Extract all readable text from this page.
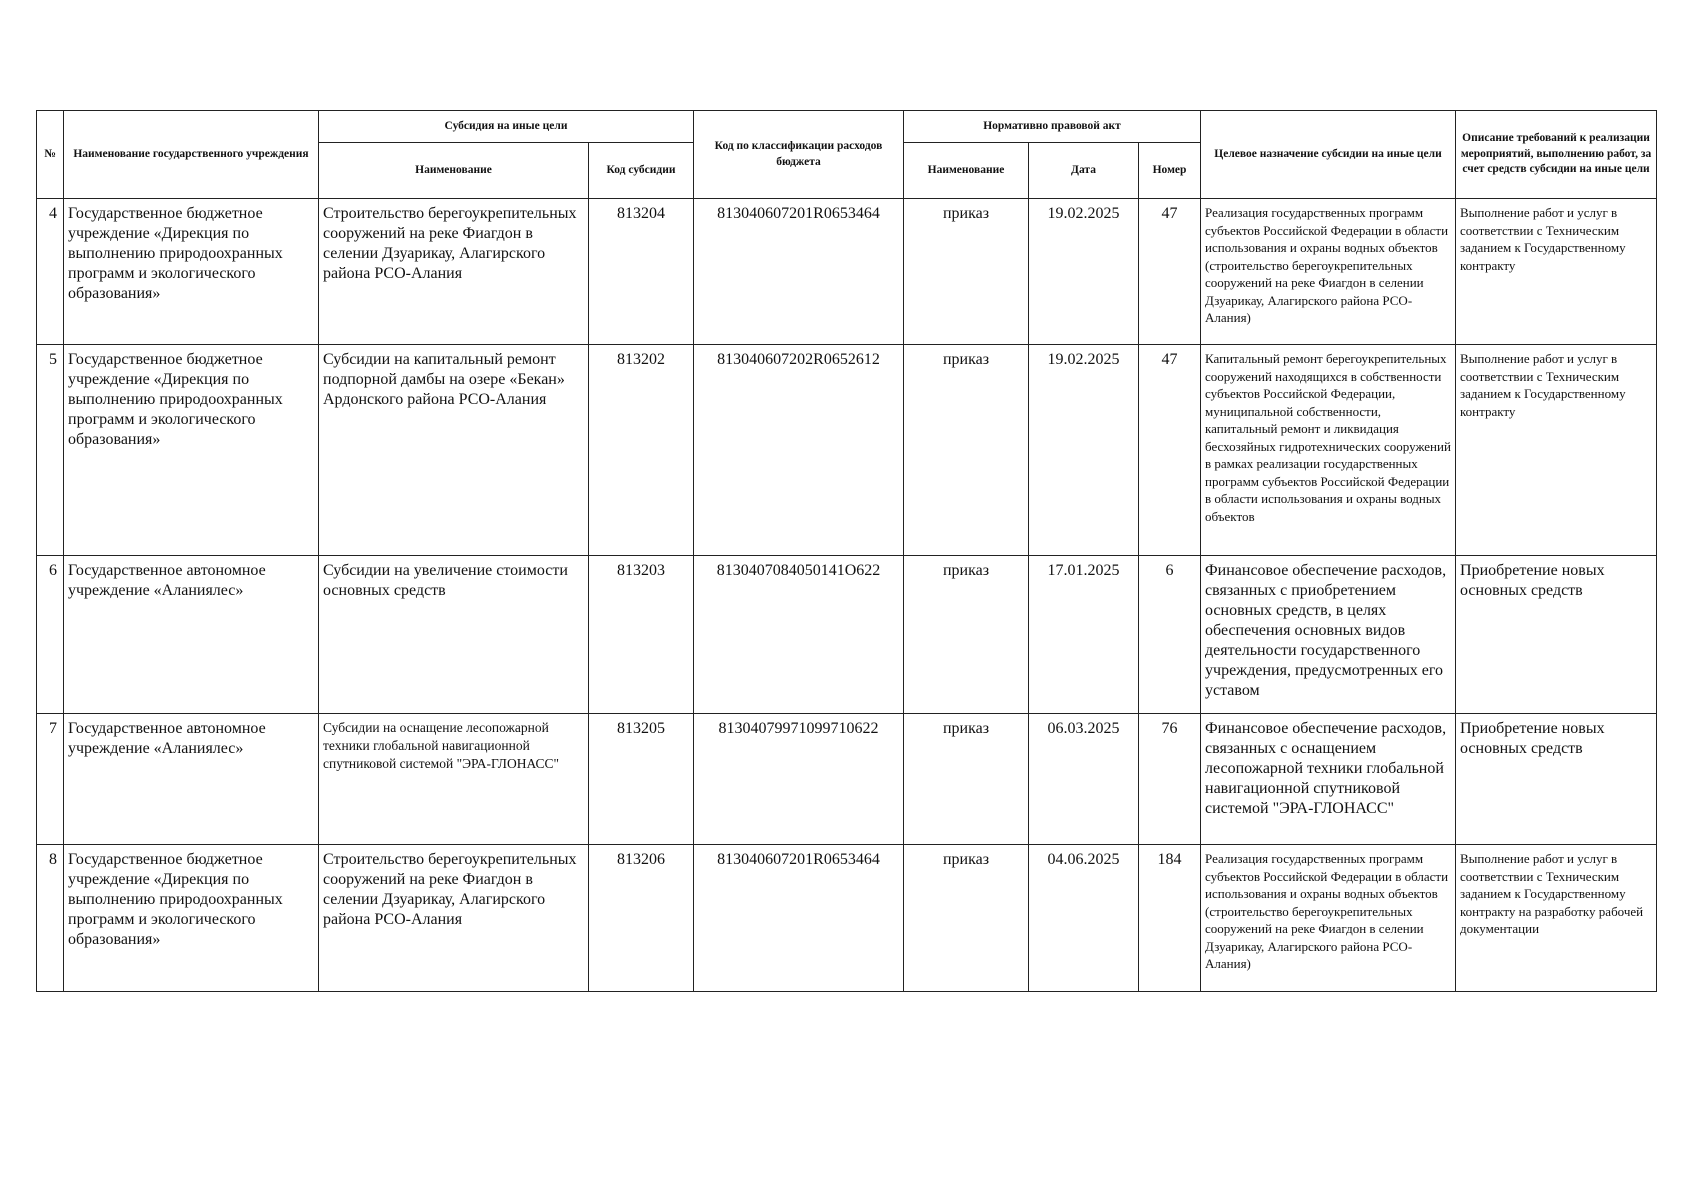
№	Наименование государственного учреждения	Субсидия на иные цели		Код по классификации расходов бюджета	Нормативно правовой акт			Целевое назначение субсидии на иные цели	Описание требований к реализации мероприятий, выполнению работ, за счет средств субсидии на иные цели

		Наименование	Код субсидии		Наименование	Дата	Номер		

4	Государственное бюджетное учреждение «Дирекция по выполнению природоохранных программ и экологического образования»	Строительство берегоукрепительных сооружений на реке Фиагдон в селении Дзуарикау, Алагирского района РСО-Алания	813204	813040607201R0653464	приказ	19.02.2025	47	Реализация государственных программ субъектов Российской Федерации в области использования и охраны водных объектов (строительство берегоукрепительных сооружений на реке Фиагдон в селении Дзуарикау, Алагирского района РСО-Алания)	Выполнение работ и услуг в соответствии с Техническим заданием к Государственному контракту

5	Государственное бюджетное учреждение «Дирекция по выполнению природоохранных программ и экологического образования»	Субсидии на капитальный ремонт подпорной дамбы на озере «Бекан» Ардонского района РСО-Алания	813202	813040607202R0652612	приказ	19.02.2025	47	Капитальный ремонт берегоукрепительных сооружений находящихся в собственности субъектов Российской Федерации, муниципальной собственности, капитальный ремонт и ликвидация бесхозяйных гидротехнических сооружений в рамках реализации государственных программ субъектов Российской Федерации в области использования и охраны водных объектов	Выполнение работ и услуг в соответствии с Техническим заданием к Государственному контракту

6	Государственное автономное учреждение «Аланиялес»	Субсидии на увеличение стоимости основных средств	813203	8130407084050141О622	приказ	17.01.2025	6	Финансовое обеспечение расходов, связанных с приобретением основных средств, в целях обеспечения основных видов деятельности государственного учреждения, предусмотренных его уставом	Приобретение новых основных средств

7	Государственное автономное учреждение «Аланиялес»	Субсидии на оснащение лесопожарной техники глобальной навигационной спутниковой системой "ЭРА-ГЛОНАСС"	813205	81304079971099710622	приказ	06.03.2025	76	Финансовое обеспечение расходов, связанных с оснащением лесопожарной техники глобальной навигационной спутниковой системой "ЭРА-ГЛОНАСС"	Приобретение новых основных средств

8	Государственное бюджетное учреждение «Дирекция по выполнению природоохранных программ и экологического образования»	Строительство берегоукрепительных сооружений на реке Фиагдон в селении Дзуарикау, Алагирского района РСО-Алания	813206	813040607201R0653464	приказ	04.06.2025	184	Реализация государственных программ субъектов Российской Федерации в области использования и охраны водных объектов (строительство берегоукрепительных сооружений на реке Фиагдон в селении Дзуарикау, Алагирского района РСО-Алания)	Выполнение работ и услуг в соответствии с Техническим заданием к Государственному контракту на разработку рабочей документации
